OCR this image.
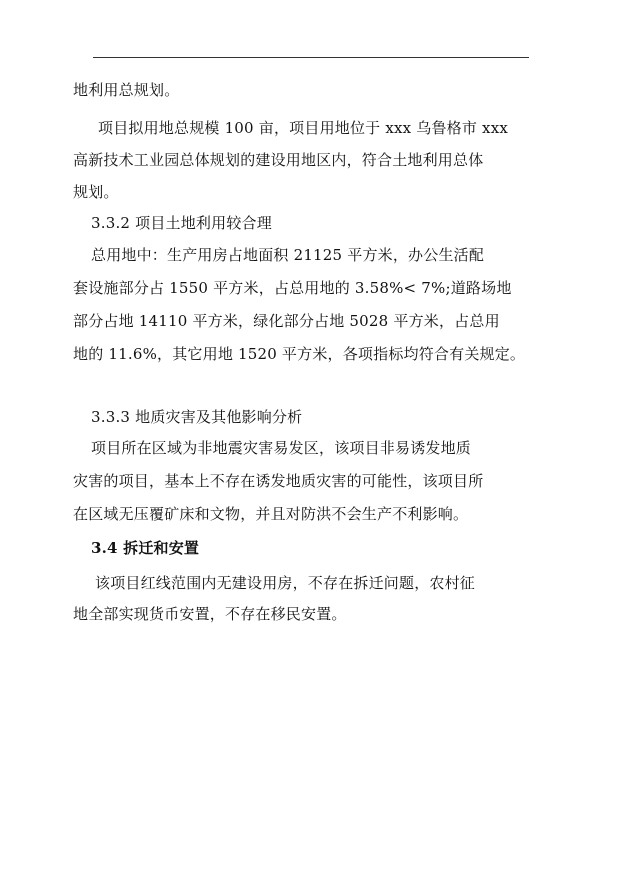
地利用总规划。
项目拟用地总规模 100 亩，项目用地位于 xxx 乌鲁格市 xxx
高新技术工业园总体规划的建设用地区内，符合土地利用总体
规划。
3.3.2 项目土地利用较合理
总用地中：生产用房占地面积 21125 平方米，办公生活配
套设施部分占 1550 平方米，占总用地的 3.58%< 7%;道路场地
部分占地 14110 平方米，绿化部分占地 5028 平方米，占总用
地的 11.6%，其它用地 1520 平方米，各项指标均符合有关规定。
3.3.3 地质灾害及其他影响分析
项目所在区域为非地震灾害易发区，该项目非易诱发地质
灾害的项目，基本上不存在诱发地质灾害的可能性，该项目所
在区域无压覆矿床和文物，并且对防洪不会生产不利影响。
3.4 拆迁和安置
该项目红线范围内无建设用房，不存在拆迁问题，农村征
地全部实现货币安置，不存在移民安置。
